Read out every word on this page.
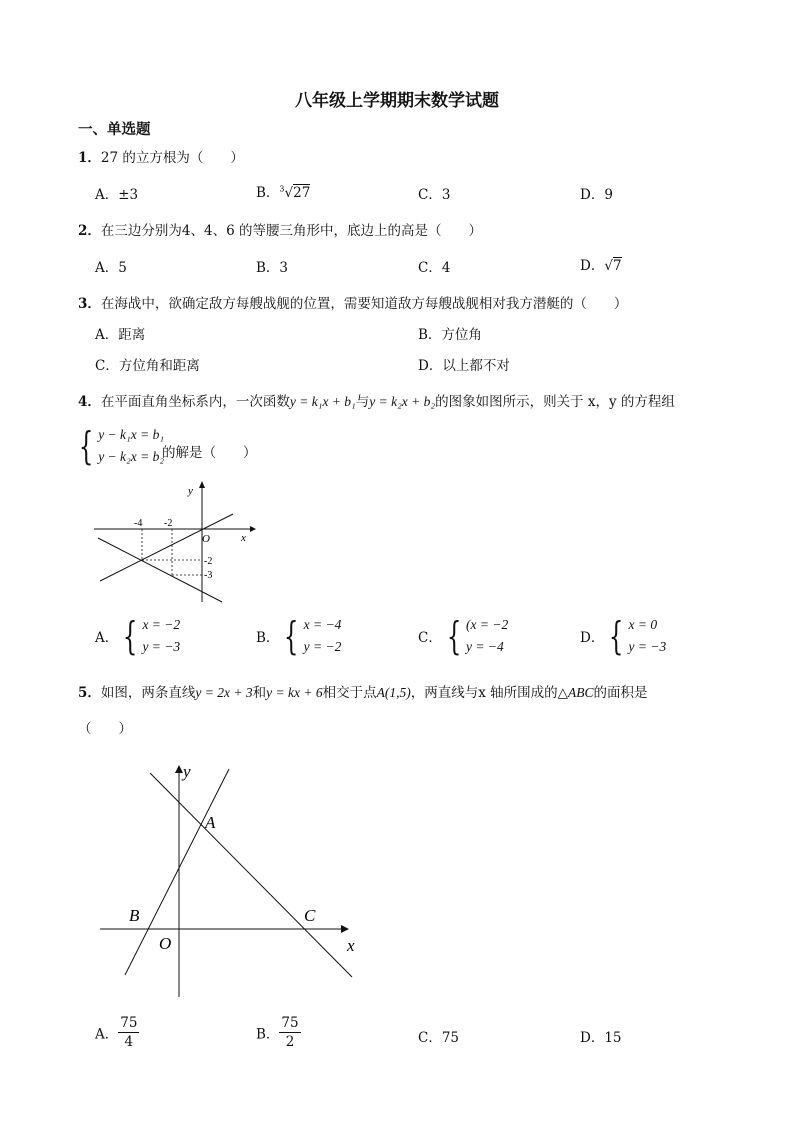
八年级上学期期末数学试题
一、单选题
1．27 的立方根为（　　）
A．±3	B．$^3$√27	C．3	D．9
2．在三边分别为4、4、6 的等腰三角形中，底边上的高是（　　）
A．5	B．3	C．4	D．√7
3．在海战中，欲确定敌方每艘战舰的位置，需要知道敌方每艘战舰相对我方潜艇的（　　）
A．距离	B．方位角
C．方位角和距离	D．以上都不对
4．在平面直角坐标系内，一次函数y = k₁x + b₁与y = k₂x + b₂的图象如图所示，则关于 x，y 的方程组
{ y − k₁x = b₁
y − k₂x = b₂
的解是（　　）
y
x
O
-4 -2
-2
-3
A． { x = −2
y = −3
B． { x = −4
y = −2
C． { (x = −2
y = −4
D． { x = 0
y = −3
5．如图，两条直线y = 2x + 3和y = kx + 6相交于点A(1,5)，两直线与x 轴所围成的△ABC的面积是
（　　）
y
x
O
A
B	C
A． $\frac{75}{4}$	B． $\frac{75}{2}$	C．75	D．15
